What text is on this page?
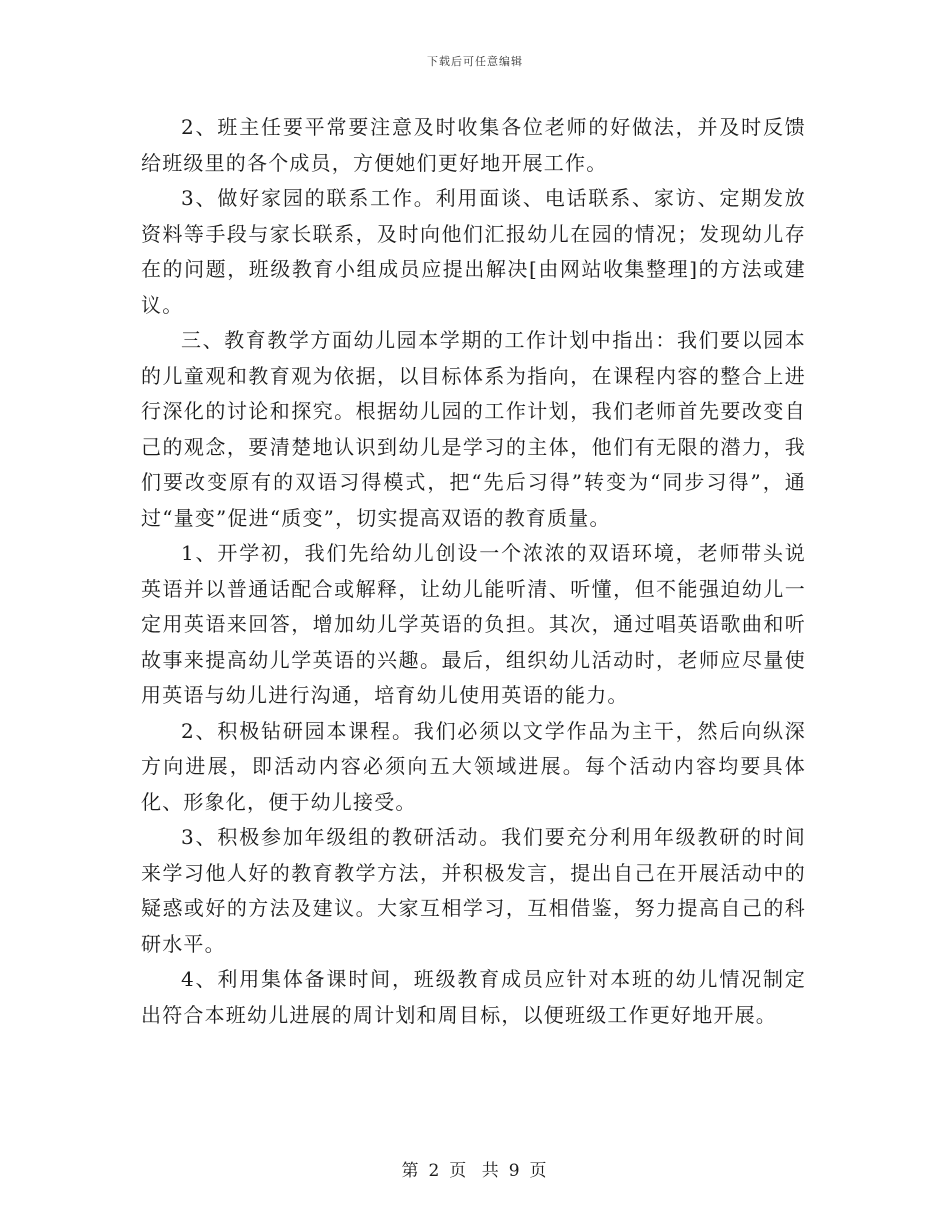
下载后可任意编辑

2、班主任要平常要注意及时收集各位老师的好做法，并及时反馈给班级里的各个成员，方便她们更好地开展工作。

3、做好家园的联系工作。利用面谈、电话联系、家访、定期发放资料等手段与家长联系，及时向他们汇报幼儿在园的情况；发现幼儿存在的问题，班级教育小组成员应提出解决[由网站收集整理]的方法或建议。

三、教育教学方面幼儿园本学期的工作计划中指出：我们要以园本的儿童观和教育观为依据，以目标体系为指向，在课程内容的整合上进行深化的讨论和探究。根据幼儿园的工作计划，我们老师首先要改变自己的观念，要清楚地认识到幼儿是学习的主体，他们有无限的潜力，我们要改变原有的双语习得模式，把“先后习得”转变为“同步习得”，通过“量变”促进“质变”，切实提高双语的教育质量。

1、开学初，我们先给幼儿创设一个浓浓的双语环境，老师带头说英语并以普通话配合或解释，让幼儿能听清、听懂，但不能强迫幼儿一定用英语来回答，增加幼儿学英语的负担。其次，通过唱英语歌曲和听故事来提高幼儿学英语的兴趣。最后，组织幼儿活动时，老师应尽量使用英语与幼儿进行沟通，培育幼儿使用英语的能力。

2、积极钻研园本课程。我们必须以文学作品为主干，然后向纵深方向进展，即活动内容必须向五大领域进展。每个活动内容均要具体化、形象化，便于幼儿接受。

3、积极参加年级组的教研活动。我们要充分利用年级教研的时间来学习他人好的教育教学方法，并积极发言，提出自己在开展活动中的疑惑或好的方法及建议。大家互相学习，互相借鉴，努力提高自己的科研水平。

4、利用集体备课时间，班级教育成员应针对本班的幼儿情况制定出符合本班幼儿进展的周计划和周目标，以便班级工作更好地开展。

第 2 页 共 9 页
